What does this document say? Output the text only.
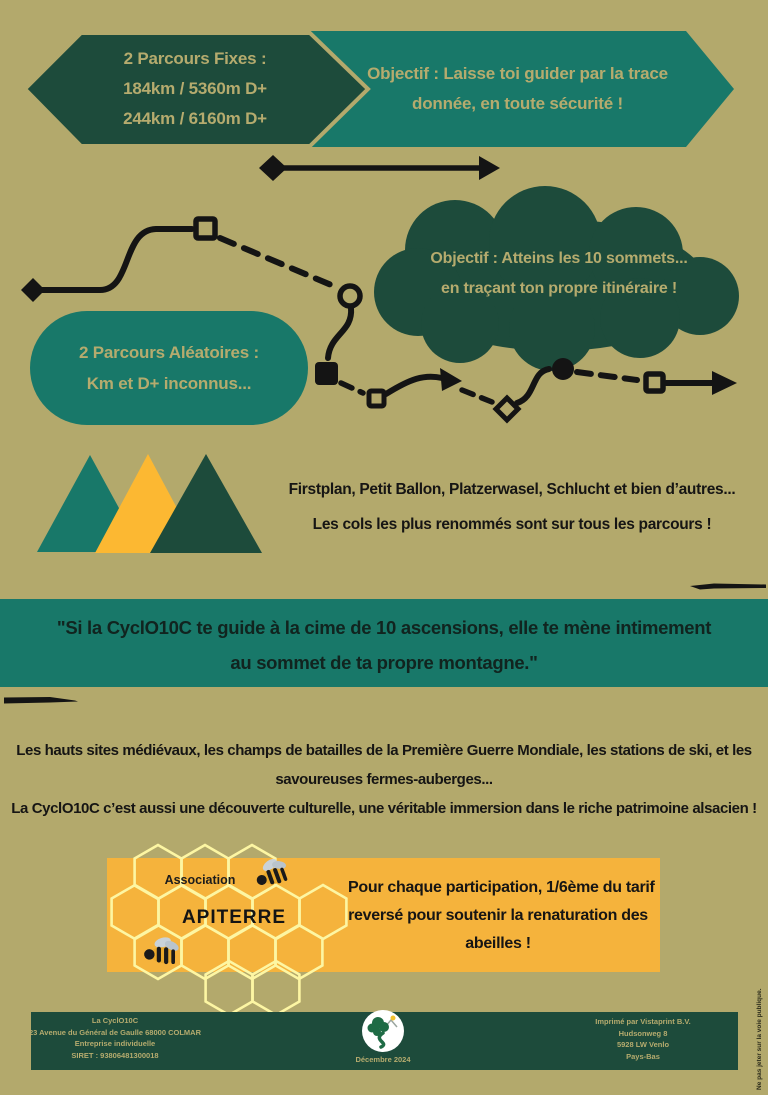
2 Parcours Fixes :
184km / 5360m D+
244km / 6160m D+
Objectif : Laisse toi guider par la trace
donnée, en toute sécurité !
Objectif : Atteins les 10 sommets...
en traçant ton propre itinéraire !
2 Parcours Aléatoires :
Km et D+ inconnus...
Firstplan, Petit Ballon, Platzerwasel, Schlucht et bien d’autres...
Les cols les plus renommés sont sur tous les parcours !
"Si la CyclO10C te guide à la cime de 10 ascensions, elle te mène intimement
au sommet de ta propre montagne."
Les hauts sites médiévaux, les champs de batailles de la Première Guerre Mondiale, les stations de ski, et les
savoureuses fermes-auberges...
La CyclO10C c’est aussi une découverte culturelle, une véritable immersion dans le riche patrimoine alsacien !
Association
APITERRE
Pour chaque participation, 1/6ème du tarif
reversé pour soutenir la renaturation des
abeilles !
La CyclO10C
23 Avenue du Général de Gaulle 68000 COLMAR
Entreprise individuelle
SIRET : 93806481300018	Décembre 2024
Imprimé par Vistaprint B.V.
Hudsonweg 8
5928 LW Venlo
Pays-Bas	Ne pas jeter sur la voie publique.
